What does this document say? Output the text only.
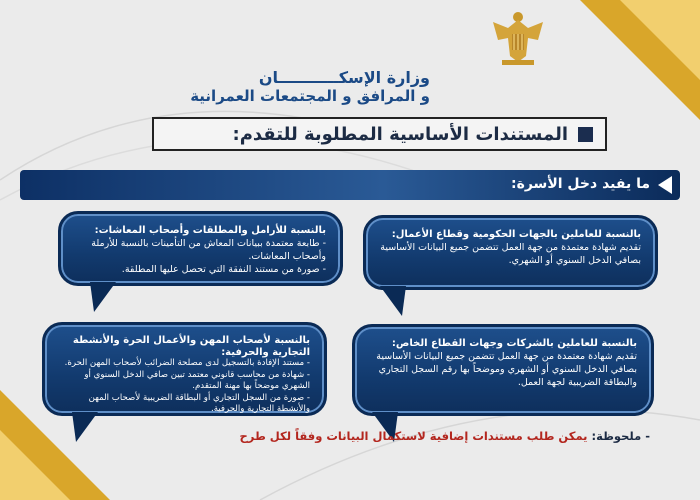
وزارة الإسكـــــــــــان
و المرافق و المجتمعات العمرانية
المستندات الأساسية المطلوبة للتقدم:
ما يفيد دخل الأسرة:
بالنسبة للعاملين بالجهات الحكومية وقطاع الأعمال:
تقديم شهادة معتمدة من جهة العمل تتضمن جميع البيانات الأساسية بصافي الدخل السنوي أو الشهري.
بالنسبة للأرامل والمطلقات وأصحاب المعاشات:
- طابعة معتمدة ببيانات المعاش من التأمينات بالنسبة للأرملة وأصحاب المعاشات.
- صورة من مستند النفقة التي تحصل عليها المطلقة.
بالنسبة للعاملين بالشركات وجهات القطاع الخاص:
تقديم شهادة معتمدة من جهة العمل تتضمن جميع البيانات الأساسية بصافي الدخل السنوي أو الشهري وموضحاً بها رقم السجل التجاري والبطاقة الضريبية لجهة العمل.
بالنسبة لأصحاب المهن والأعمال الحرة والأنشطة التجارية والحرفية:
- مستند الإفادة بالتسجيل لدى مصلحة الضرائب لأصحاب المهن الحرة.
- شهادة من محاسب قانوني معتمد تبين صافي الدخل السنوي أو الشهري موضحاً بها مهنة المتقدم.
- صورة من السجل التجاري أو البطاقة الضريبية لأصحاب المهن والأنشطة التجارية والحرفية.
- ملحوظة: يمكن طلب مستندات إضافية لاستكمال البيانات وفقاً لكل طرح
